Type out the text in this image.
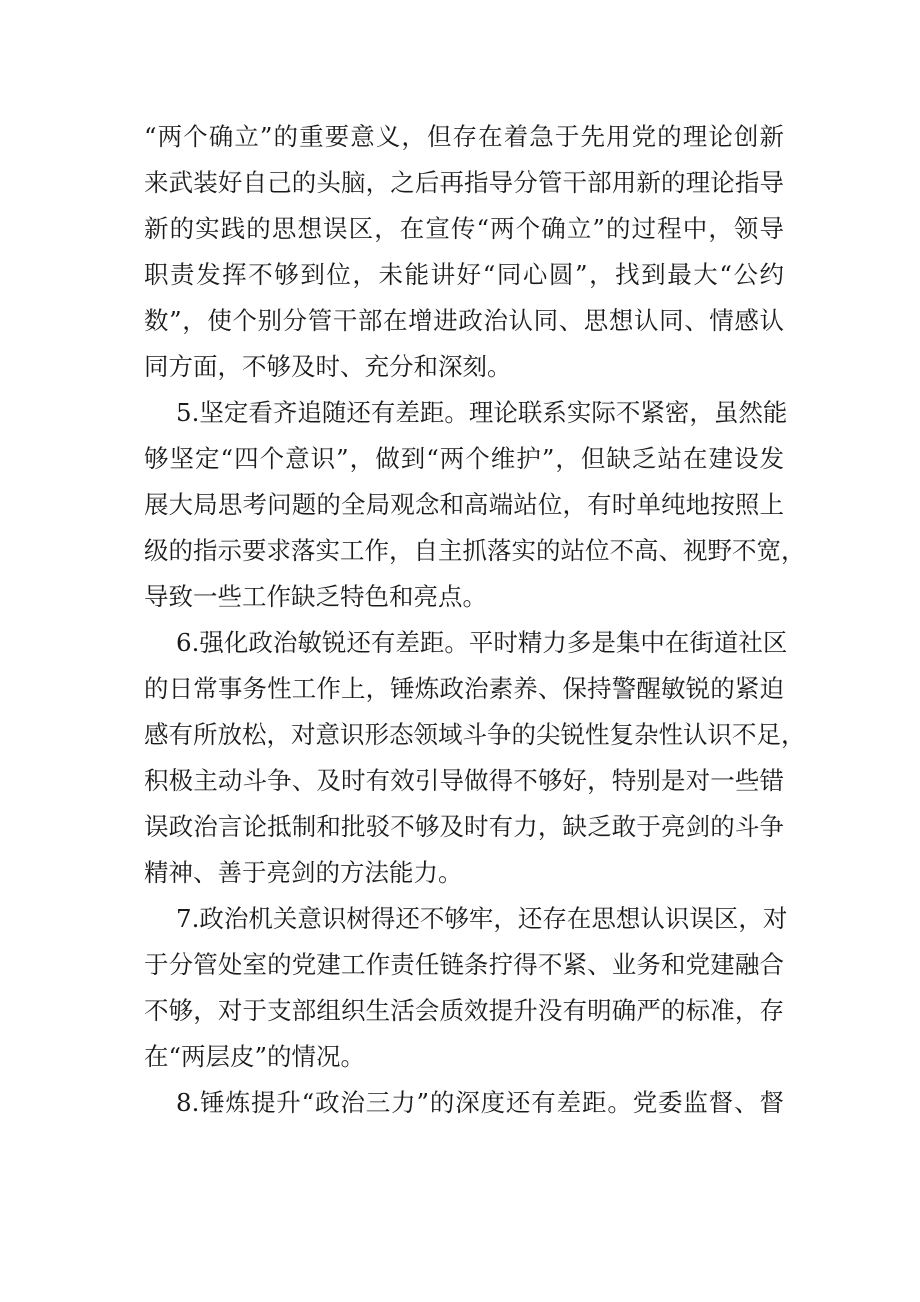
“两个确立”的重要意义，但存在着急于先用党的理论创新
来武装好自己的头脑，之后再指导分管干部用新的理论指导
新的实践的思想误区，在宣传“两个确立”的过程中，领导
职责发挥不够到位，未能讲好“同心圆”，找到最大“公约
数”，使个别分管干部在增进政治认同、思想认同、情感认
同方面，不够及时、充分和深刻。
5.坚定看齐追随还有差距。理论联系实际不紧密，虽然能
够坚定“四个意识”，做到“两个维护”，但缺乏站在建设发
展大局思考问题的全局观念和高端站位，有时单纯地按照上
级的指示要求落实工作，自主抓落实的站位不高、视野不宽，
导致一些工作缺乏特色和亮点。
6.强化政治敏锐还有差距。平时精力多是集中在街道社区
的日常事务性工作上，锤炼政治素养、保持警醒敏锐的紧迫
感有所放松，对意识形态领域斗争的尖锐性复杂性认识不足，
积极主动斗争、及时有效引导做得不够好，特别是对一些错
误政治言论抵制和批驳不够及时有力，缺乏敢于亮剑的斗争
精神、善于亮剑的方法能力。
7.政治机关意识树得还不够牢，还存在思想认识误区，对
于分管处室的党建工作责任链条拧得不紧、业务和党建融合
不够，对于支部组织生活会质效提升没有明确严的标准，存
在“两层皮”的情况。
8.锤炼提升“政治三力”的深度还有差距。党委监督、督
